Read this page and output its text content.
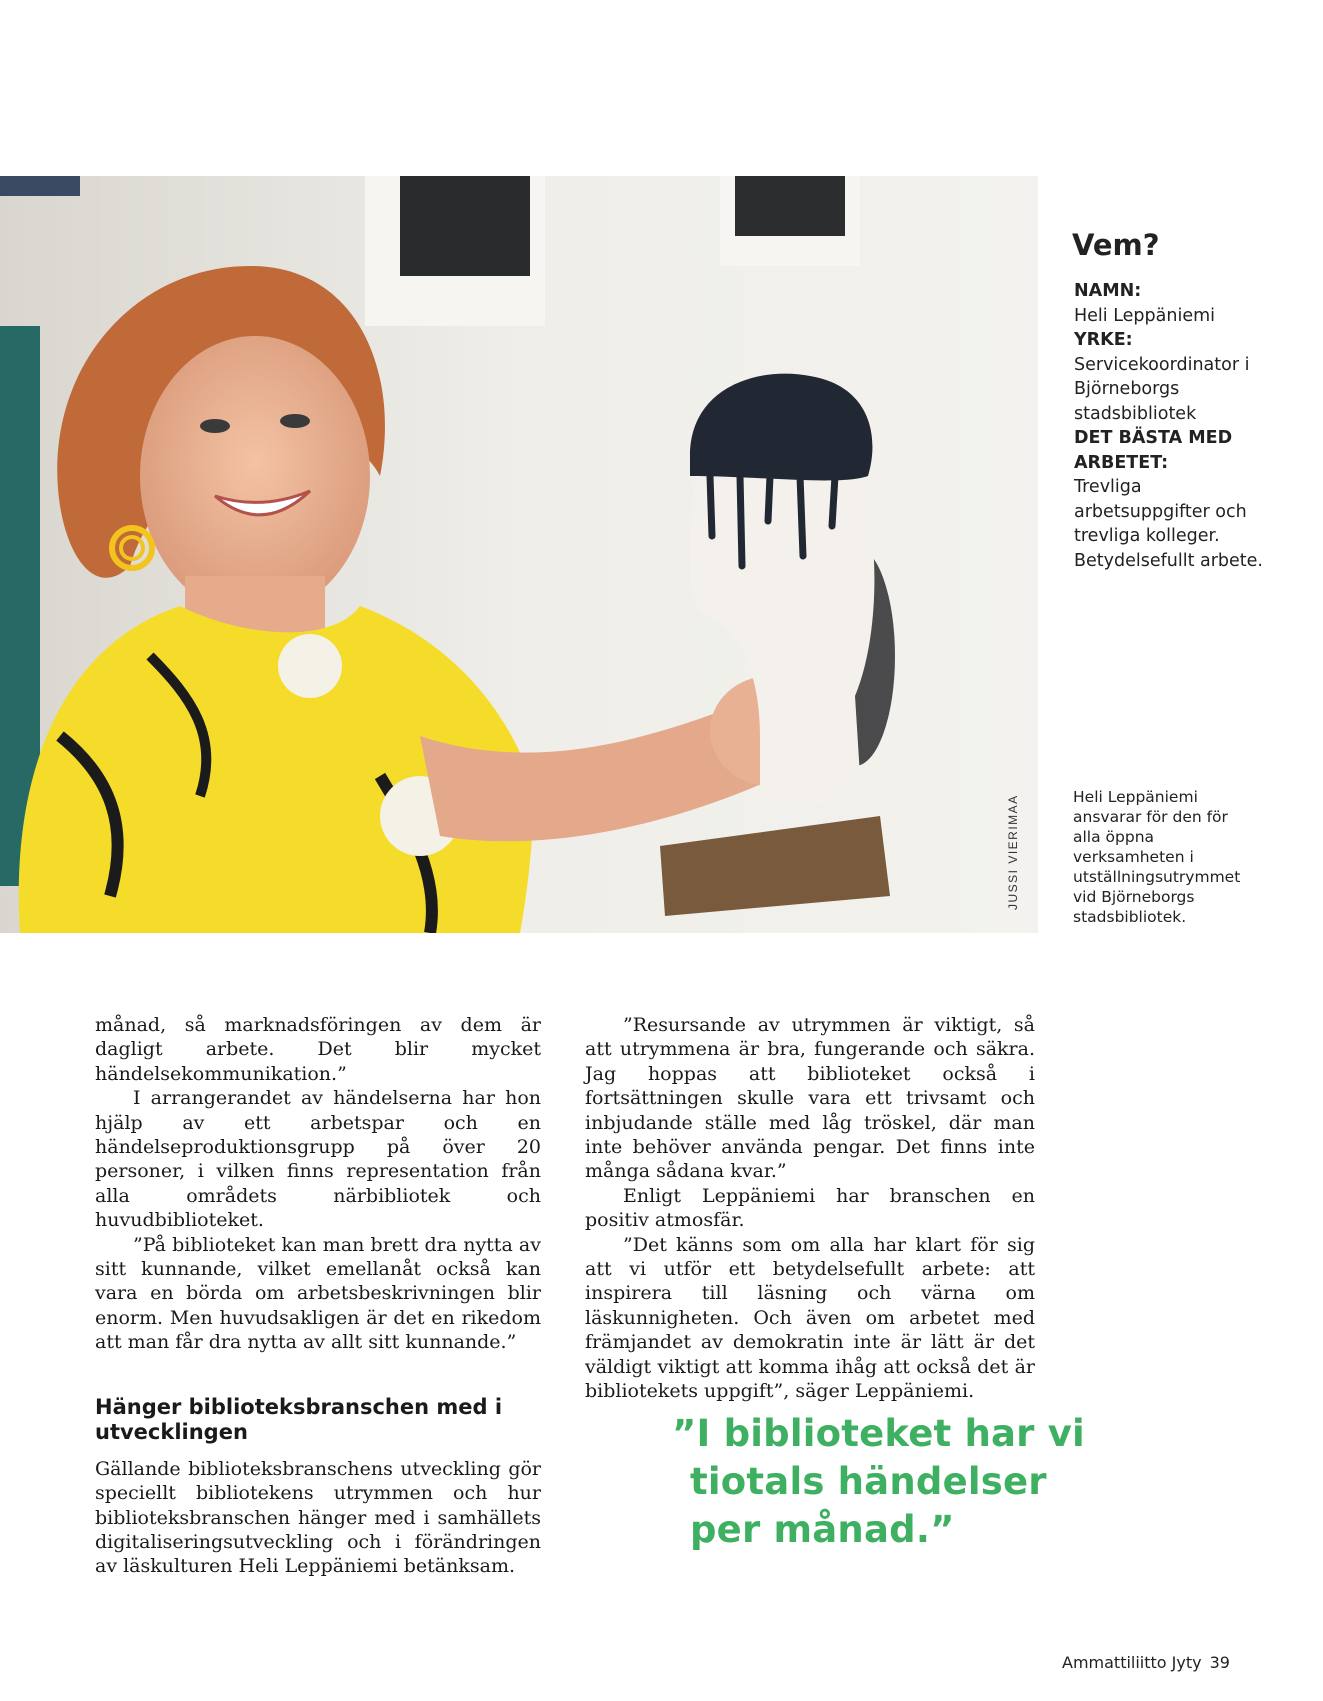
JUSSI VIERIMAA
Vem?
NAMN:
Heli Leppäniemi
YRKE:
Servicekoordinator i Björneborgs stadsbibliotek
DET BÄSTA MED ARBETET:
Trevliga arbetsuppgifter och trevliga kolleger. Betydelsefullt arbete.
Heli Leppäniemi ansvarar för den för alla öppna verksamheten i utställningsutrymmet vid Björneborgs stadsbibliotek.

månad, så marknadsföringen av dem är dagligt arbete. Det blir mycket händelsekommunikation.”

I arrangerandet av händelserna har hon hjälp av ett arbetspar och en händelseproduktionsgrupp på över 20 personer, i vilken finns representation från alla områdets närbibliotek och huvudbiblioteket.

”På biblioteket kan man brett dra nytta av sitt kunnande, vilket emellanåt också kan vara en börda om arbetsbeskrivningen blir enorm. Men huvudsakligen är det en rikedom att man får dra nytta av allt sitt kunnande.”

Hänger biblioteksbranschen med i utvecklingen

Gällande biblioteksbranschens utveckling gör speciellt bibliotekens utrymmen och hur biblioteksbranschen hänger med i samhällets digitaliseringsutveckling och i förändringen av läskulturen Heli Leppäniemi betänksam.

”Resursande av utrymmen är viktigt, så att utrymmena är bra, fungerande och säkra. Jag hoppas att biblioteket också i fortsättningen skulle vara ett trivsamt och inbjudande ställe med låg tröskel, där man inte behöver använda pengar. Det finns inte många sådana kvar.”

Enligt Leppäniemi har branschen en positiv atmosfär.

”Det känns som om alla har klart för sig att vi utför ett betydelsefullt arbete: att inspirera till läsning och värna om läskunnigheten. Och även om arbetet med främjandet av demokratin inte är lätt är det väldigt viktigt att komma ihåg att också det är bibliotekets uppgift”, säger Leppäniemi.

”I biblioteket har vi
tiotals händelser
per månad.”
Ammattiliitto Jyty 39
